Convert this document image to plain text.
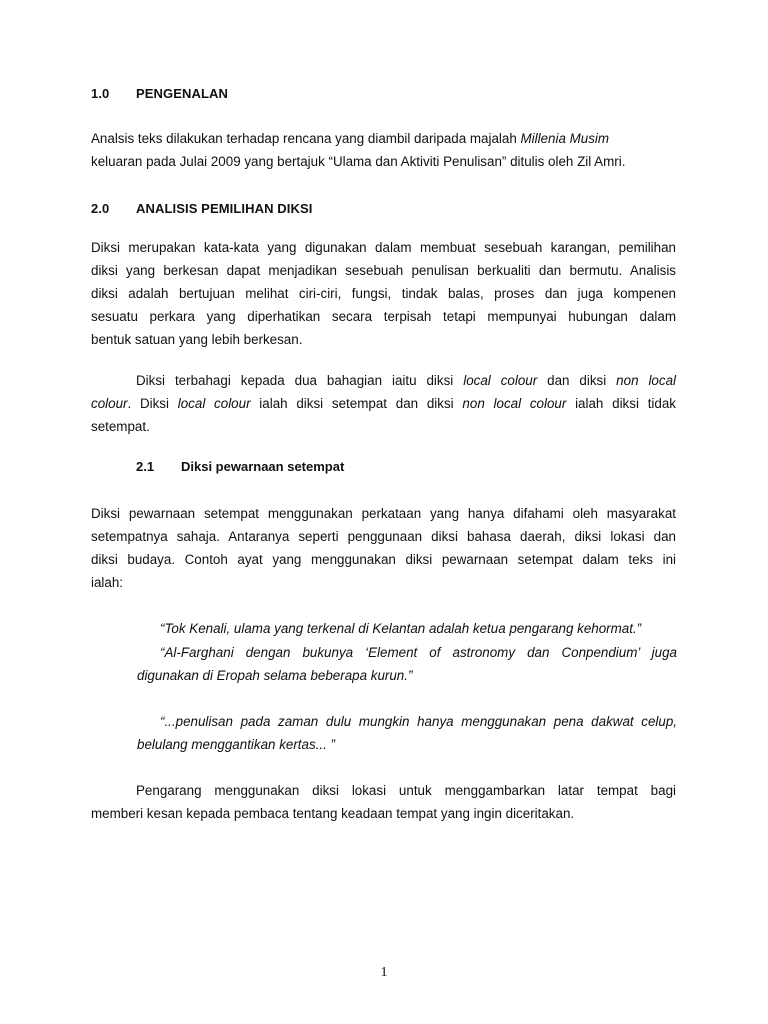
1.0 PENGENALAN
Analsis teks dilakukan terhadap rencana yang diambil daripada majalah Millenia Musim
keluaran pada Julai 2009 yang bertajuk “Ulama dan Aktiviti Penulisan” ditulis oleh Zil Amri.
2.0 ANALISIS PEMILIHAN DIKSI
Diksi merupakan kata-kata yang digunakan dalam membuat sesebuah karangan, pemilihan
diksi yang berkesan dapat menjadikan sesebuah penulisan berkualiti dan bermutu. Analisis
diksi adalah bertujuan melihat ciri-ciri, fungsi, tindak balas, proses dan juga kompenen
sesuatu perkara yang diperhatikan secara terpisah tetapi mempunyai hubungan dalam
bentuk satuan yang lebih berkesan.
Diksi terbahagi kepada dua bahagian iaitu diksi local colour dan diksi non local
colour. Diksi local colour ialah diksi setempat dan diksi non local colour ialah diksi tidak
setempat.
2.1 Diksi pewarnaan setempat
Diksi pewarnaan setempat menggunakan perkataan yang hanya difahami oleh masyarakat
setempatnya sahaja. Antaranya seperti penggunaan diksi bahasa daerah, diksi lokasi dan
diksi budaya. Contoh ayat yang menggunakan diksi pewarnaan setempat dalam teks ini
ialah:
“Tok Kenali, ulama yang terkenal di Kelantan adalah ketua pengarang kehormat.”
“Al-Farghani dengan bukunya ‘Element of astronomy dan Conpendium’ juga
digunakan di Eropah selama beberapa kurun.”
“...penulisan pada zaman dulu mungkin hanya menggunakan pena dakwat celup,
belulang menggantikan kertas... ”
Pengarang menggunakan diksi lokasi untuk menggambarkan latar tempat bagi
memberi kesan kepada pembaca tentang keadaan tempat yang ingin diceritakan.
1
